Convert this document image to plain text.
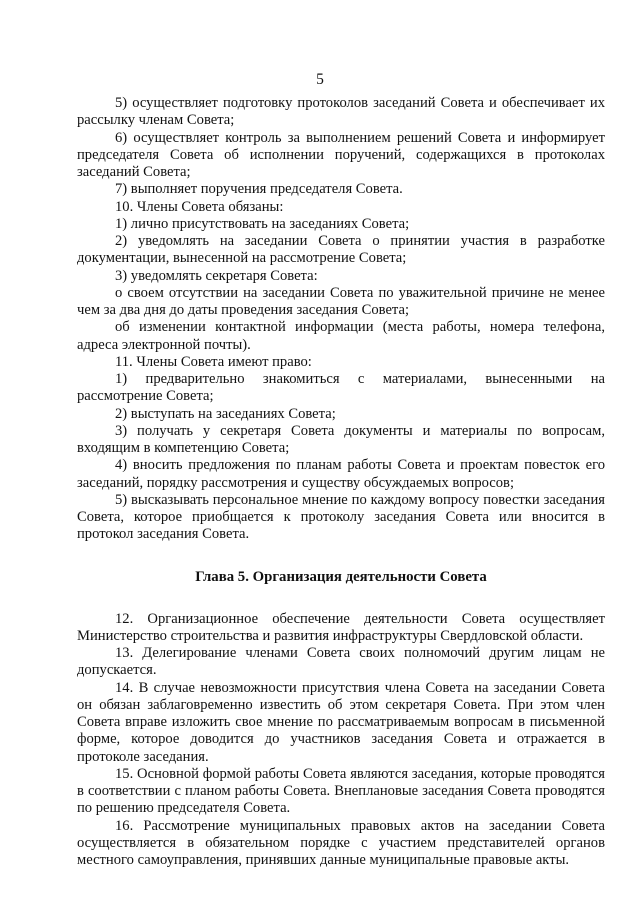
5

5) осуществляет подготовку протоколов заседаний Совета и обеспечивает их рассылку членам Совета;

6) осуществляет контроль за выполнением решений Совета и информирует председателя Совета об исполнении поручений, содержащихся в протоколах заседаний Совета;

7) выполняет поручения председателя Совета.

10. Члены Совета обязаны:

1) лично присутствовать на заседаниях Совета;

2) уведомлять на заседании Совета о принятии участия в разработке документации, вынесенной на рассмотрение Совета;

3) уведомлять секретаря Совета:

о своем отсутствии на заседании Совета по уважительной причине не менее чем за два дня до даты проведения заседания Совета;

об изменении контактной информации (места работы, номера телефона, адреса электронной почты).

11. Члены Совета имеют право:

1) предварительно знакомиться с материалами, вынесенными на рассмотрение Совета;

2) выступать на заседаниях Совета;

3) получать у секретаря Совета документы и материалы по вопросам, входящим в компетенцию Совета;

4) вносить предложения по планам работы Совета и проектам повесток его заседаний, порядку рассмотрения и существу обсуждаемых вопросов;

5) высказывать персональное мнение по каждому вопросу повестки заседания Совета, которое приобщается к протоколу заседания Совета или вносится в протокол заседания Совета.

Глава 5. Организация деятельности Совета

12. Организационное обеспечение деятельности Совета осуществляет Министерство строительства и развития инфраструктуры Свердловской области.

13. Делегирование членами Совета своих полномочий другим лицам не допускается.

14. В случае невозможности присутствия члена Совета на заседании Совета он обязан заблаговременно известить об этом секретаря Совета. При этом член Совета вправе изложить свое мнение по рассматриваемым вопросам в письменной форме, которое доводится до участников заседания Совета и отражается в протоколе заседания.

15. Основной формой работы Совета являются заседания, которые проводятся в соответствии с планом работы Совета. Внеплановые заседания Совета проводятся по решению председателя Совета.

16. Рассмотрение муниципальных правовых актов на заседании Совета осуществляется в обязательном порядке с участием представителей органов местного самоуправления, принявших данные муниципальные правовые акты.
